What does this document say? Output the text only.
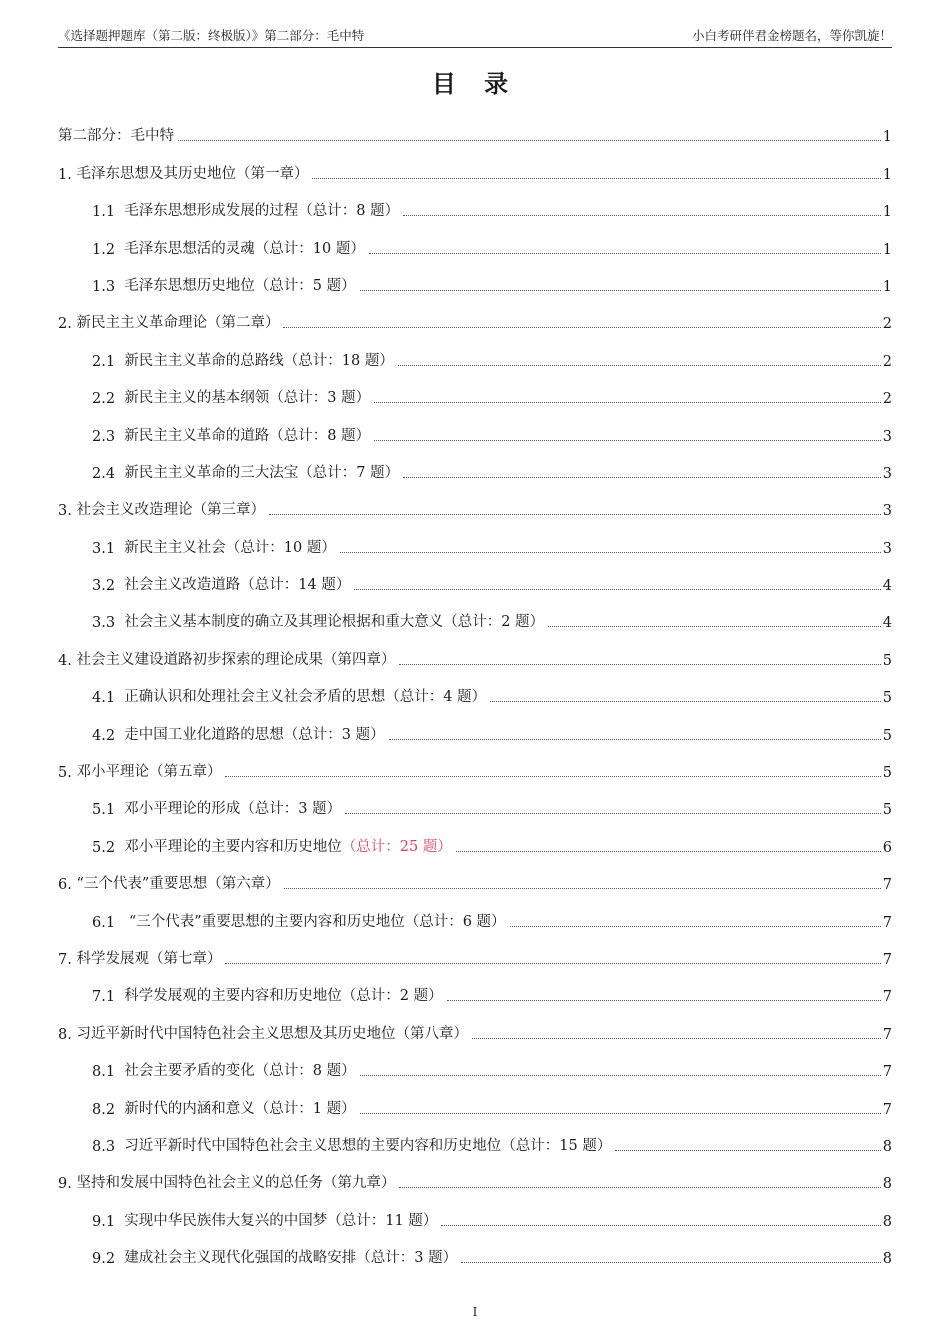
《选择题押题库（第二版：终极版）》第二部分：毛中特	小白考研伴君金榜题名，等你凯旋！
目 录
第二部分：毛中特	1
1. 毛泽东思想及其历史地位（第一章）	1
1.1 毛泽东思想形成发展的过程 （总计：8 题）	1
1.2 毛泽东思想活的灵魂 （总计：10 题）	1
1.3 毛泽东思想历史地位 （总计：5 题）	1
2. 新民主主义革命理论（第二章）	2
2.1 新民主主义革命的总路线 （总计：18 题）	2
2.2 新民主主义的基本纲领 （总计：3 题）	2
2.3 新民主主义革命的道路 （总计：8 题）	3
2.4 新民主主义革命的三大法宝 （总计：7 题）	3
3. 社会主义改造理论（第三章）	3
3.1 新民主主义社会 （总计：10 题）	3
3.2 社会主义改造道路 （总计：14 题）	4
3.3 社会主义基本制度的确立及其理论根据和重大意义 （总计：2 题）	4
4. 社会主义建设道路初步探索的理论成果（第四章）	5
4.1 正确认识和处理社会主义社会矛盾的思想 （总计：4 题）	5
4.2 走中国工业化道路的思想 （总计：3 题）	5
5. 邓小平理论（第五章）	5
5.1 邓小平理论的形成 （总计：3 题）	5
5.2 邓小平理论的主要内容和历史地位 （总计：25 题）	6
6. “三个代表”重要思想（第六章）	7
6.1 “三个代表”重要思想的主要内容和历史地位 （总计：6 题）	7
7. 科学发展观（第七章）	7
7.1 科学发展观的主要内容和历史地位 （总计：2 题）	7
8. 习近平新时代中国特色社会主义思想及其历史地位（第八章）	7
8.1 社会主要矛盾的变化 （总计：8 题）	7
8.2 新时代的内涵和意义 （总计：1 题）	7
8.3 习近平新时代中国特色社会主义思想的主要内容和历史地位 （总计：15 题）	8
9. 坚持和发展中国特色社会主义的总任务（第九章）	8
9.1 实现中华民族伟大复兴的中国梦 （总计：11 题）	8
9.2 建成社会主义现代化强国的战略安排 （总计：3 题）	8
I
